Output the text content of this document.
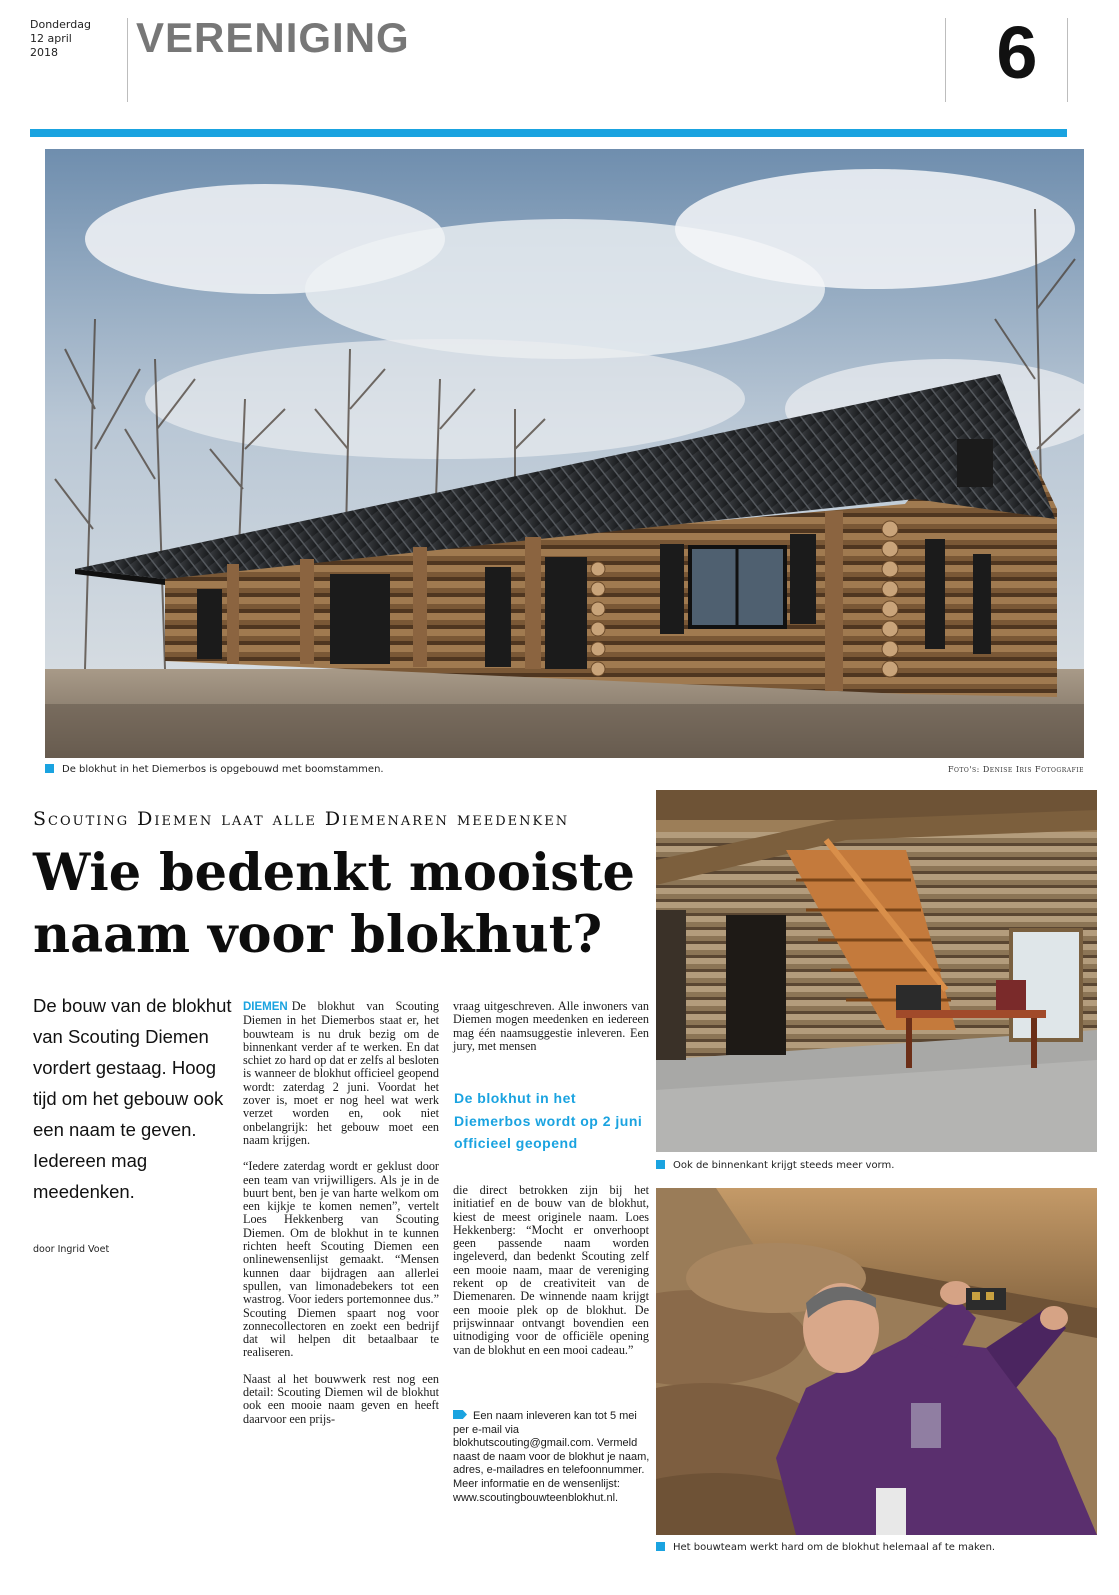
Donderdag
12 april
2018	VERENIGING	6
De blokhut in het Diemerbos is opgebouwd met boomstammen.	Foto's: Denise Iris Fotografie
Scouting Diemen laat alle Diemenaren meedenken
Wie bedenkt mooiste
naam voor blokhut?
De bouw van de blokhut van Scouting Diemen vordert gestaag. Hoog tijd om het gebouw ook een naam te geven. Iedereen mag meedenken.
door Ingrid Voet

DIEMEN De blokhut van Scouting Diemen in het Diemerbos staat er, het bouwteam is nu druk bezig om de binnenkant verder af te werken. En dat schiet zo hard op dat er zelfs al besloten is wanneer de blokhut officieel geopend wordt: zaterdag 2 juni. Voordat het zover is, moet er nog heel wat werk verzet worden en, ook niet onbelangrijk: het gebouw moet een naam krijgen.

“Iedere zaterdag wordt er geklust door een team van vrijwilligers. Als je in de buurt bent, ben je van harte welkom om een kijkje te komen nemen”, vertelt Loes Hekkenberg van Scouting Diemen. Om de blokhut in te kunnen richten heeft Scouting Diemen een onlinewensenlijst gemaakt. “Mensen kunnen daar bijdragen aan allerlei spullen, van limonadebekers tot een wastrog. Voor ieders portemonnee dus.” Scouting Diemen spaart nog voor zonnecollectoren en zoekt een bedrijf dat wil helpen dit betaalbaar te realiseren.

Naast al het bouwwerk rest nog een detail: Scouting Diemen wil de blokhut ook een mooie naam geven en heeft daarvoor een prijs-

vraag uitgeschreven. Alle inwoners van Diemen mogen meedenken en iedereen mag één naamsuggestie inleveren. Een jury, met mensen

De blokhut in het Diemerbos wordt op 2 juni officieel geopend

die direct betrokken zijn bij het initiatief en de bouw van de blokhut, kiest de meest originele naam. Loes Hekkenberg: “Mocht er onverhoopt geen passende naam worden ingeleverd, dan bedenkt Scouting zelf een mooie naam, maar de vereniging rekent op de creativiteit van de Diemenaren. De winnende naam krijgt een mooie plek op de blokhut. De prijswinnaar ontvangt bovendien een uitnodiging voor de officiële opening van de blokhut en een mooi cadeau.”

Een naam inleveren kan tot 5 mei per e-mail via blokhutscouting@gmail.com. Vermeld naast de naam voor de blokhut je naam, adres, e-mailadres en telefoonnummer. Meer informatie en de wensenlijst: www.scoutingbouwteenblokhut.nl.
Ook de binnenkant krijgt steeds meer vorm.
Het bouwteam werkt hard om de blokhut helemaal af te maken.
